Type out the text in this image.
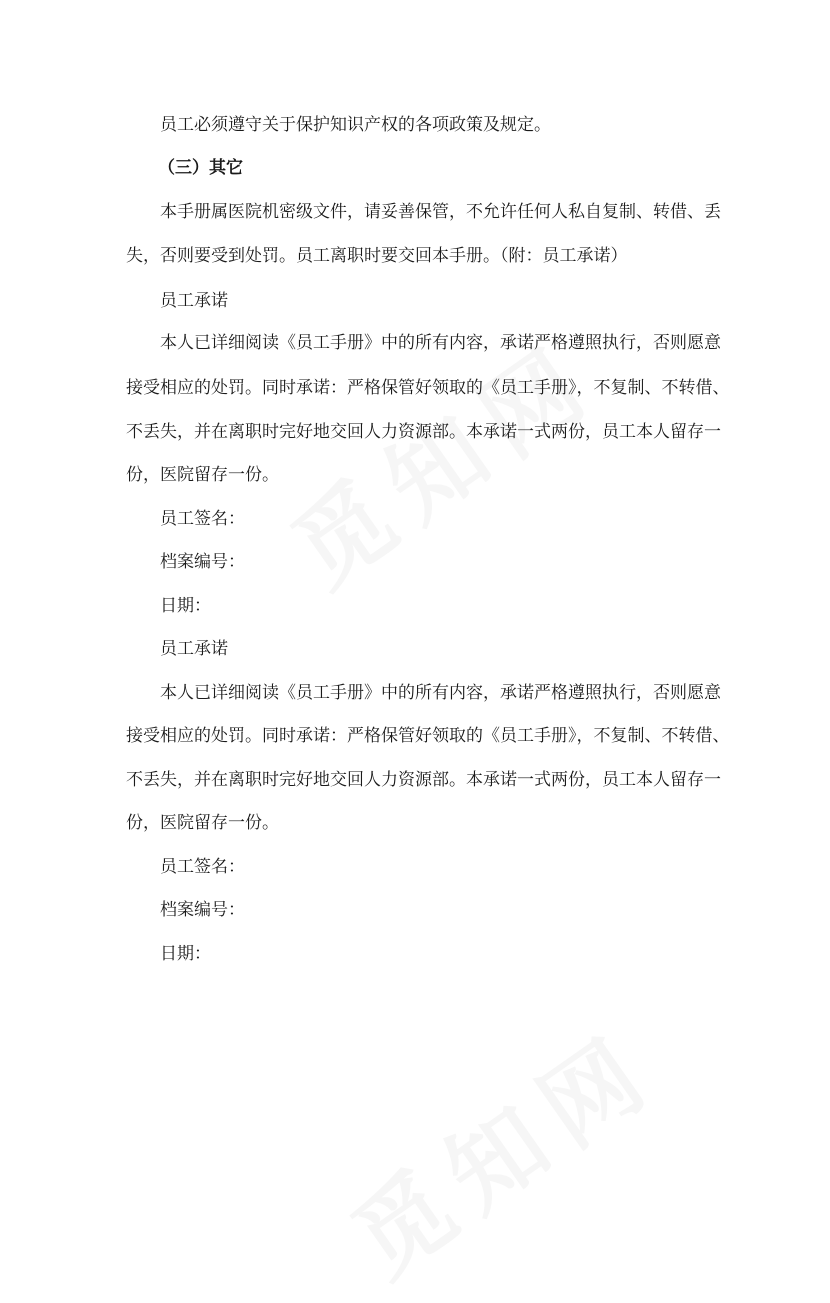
员工必须遵守关于保护知识产权的各项政策及规定。
（三）其它
本手册属医院机密级文件，请妥善保管，不允许任何人私自复制、转借、丢
失，否则要受到处罚。员工离职时要交回本手册。（附：员工承诺）
员工承诺
本人已详细阅读《员工手册》中的所有内容，承诺严格遵照执行，否则愿意
接受相应的处罚。同时承诺：严格保管好领取的《员工手册》，不复制、不转借、
不丢失，并在离职时完好地交回人力资源部。本承诺一式两份，员工本人留存一
份，医院留存一份。
员工签名：
档案编号：
日期：
员工承诺
本人已详细阅读《员工手册》中的所有内容，承诺严格遵照执行，否则愿意
接受相应的处罚。同时承诺：严格保管好领取的《员工手册》，不复制、不转借、
不丢失，并在离职时完好地交回人力资源部。本承诺一式两份，员工本人留存一
份，医院留存一份。
员工签名：
档案编号：
日期：
